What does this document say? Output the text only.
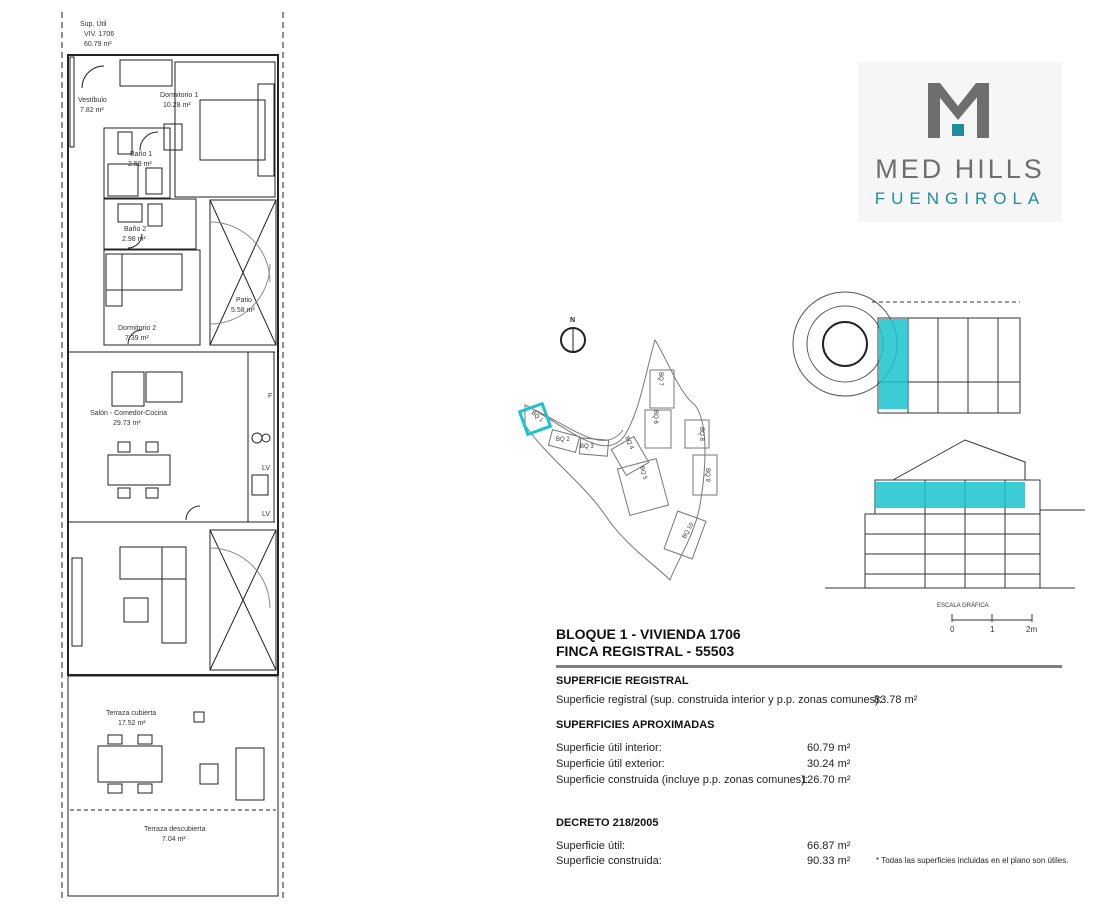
Sup. Útil
VIV. 1706
60.79 m²
Vestíbulo
7.82 m²
Dormitorio 1
10.28 m²
Baño 1
2.59 m²
Baño 2
2.98 m²
Patio
5.58 m²
Dormitorio 2
7.39 m²
Salón - Comedor-Cocina
29.73 m²
F
LV
LV
Terraza cubierta
17.52 m²
Terraza descubierta
7.04 m²
MED HILLS
FUENGIROLA
N
BQ 1
BQ 2
BQ 3	BQ 4
BQ 5
BQ 6
BQ 7
BQ 8
BQ 9
BQ 10
ESCALA GRÁFICA
0	1	2m
BLOQUE 1 - VIVIENDA 1706
FINCA REGISTRAL - 55503
SUPERFICIE REGISTRAL
Superficie registral (sup. construida interior y p.p. zonas comunes):
83.78 m²
SUPERFICIES APROXIMADAS
Superficie útil interior:	60.79 m²
Superficie útil exterior:	30.24 m²
Superficie construida (incluye p.p. zonas comunes):
126.70 m²
DECRETO 218/2005
Superficie útil:	66.87 m²
Superficie construida:	90.33 m²	* Todas las superficies incluidas en el plano son útiles.
